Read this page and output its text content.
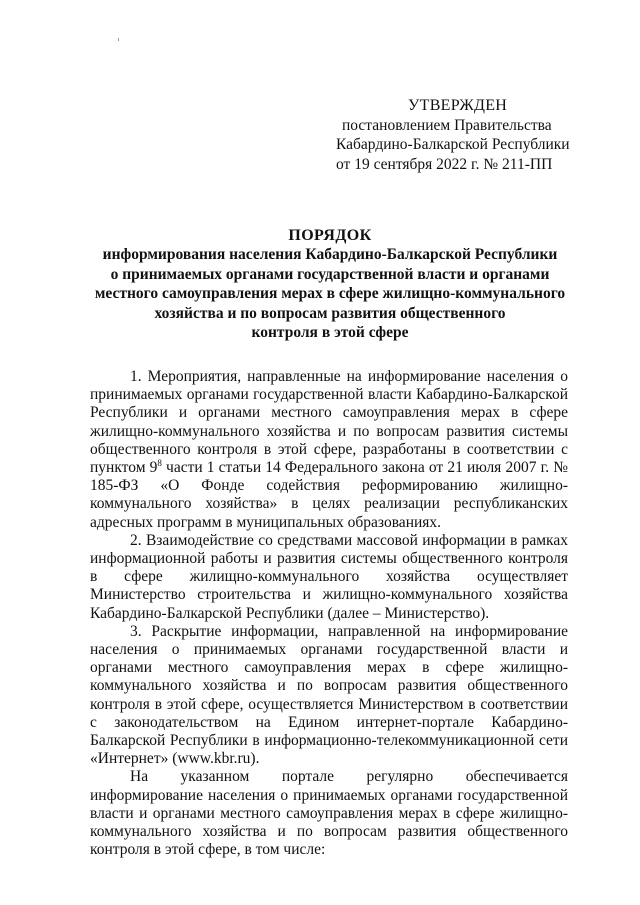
УТВЕРЖДЕН
постановлением Правительства
Кабардино-Балкарской Республики
от 19 сентября 2022 г. № 211-ПП
ПОРЯДОК
информирования населения Кабардино-Балкарской Республики
о принимаемых органами государственной власти и органами
местного самоуправления мерах в сфере жилищно-коммунального
хозяйства и по вопросам развития общественного
контроля в этой сфере

1. Мероприятия, направленные на информирование населения о принимаемых органами государственной власти Кабардино-Балкарской Республики и органами местного самоуправления мерах в сфере жилищно-коммунального хозяйства и по вопросам развития системы общественного контроля в этой сфере, разработаны в соответствии с пунктом $9^8$ части 1 статьи 14 Федерального закона от 21 июля 2007 г. № 185-ФЗ «О Фонде содействия реформированию жилищно-коммунального хозяйства» в целях реализации республиканских адресных программ в муниципальных образованиях.

2. Взаимодействие со средствами массовой информации в рамках информационной работы и развития системы общественного контроля в сфере жилищно-коммунального хозяйства осуществляет Министерство строительства и жилищно-коммунального хозяйства Кабардино-Балкарской Республики (далее – Министерство).

3. Раскрытие информации, направленной на информирование населения о принимаемых органами государственной власти и органами местного самоуправления мерах в сфере жилищно-коммунального хозяйства и по вопросам развития общественного контроля в этой сфере, осуществляется Министерством в соответствии с законодательством на Едином интернет-портале Кабардино-Балкарской Республики в информационно-телекоммуникационной сети «Интернет» (www.kbr.ru).

На указанном портале регулярно обеспечивается информирование населения о принимаемых органами государственной власти и органами местного самоуправления мерах в сфере жилищно-коммунального хозяйства и по вопросам развития общественного контроля в этой сфере, в том числе:
